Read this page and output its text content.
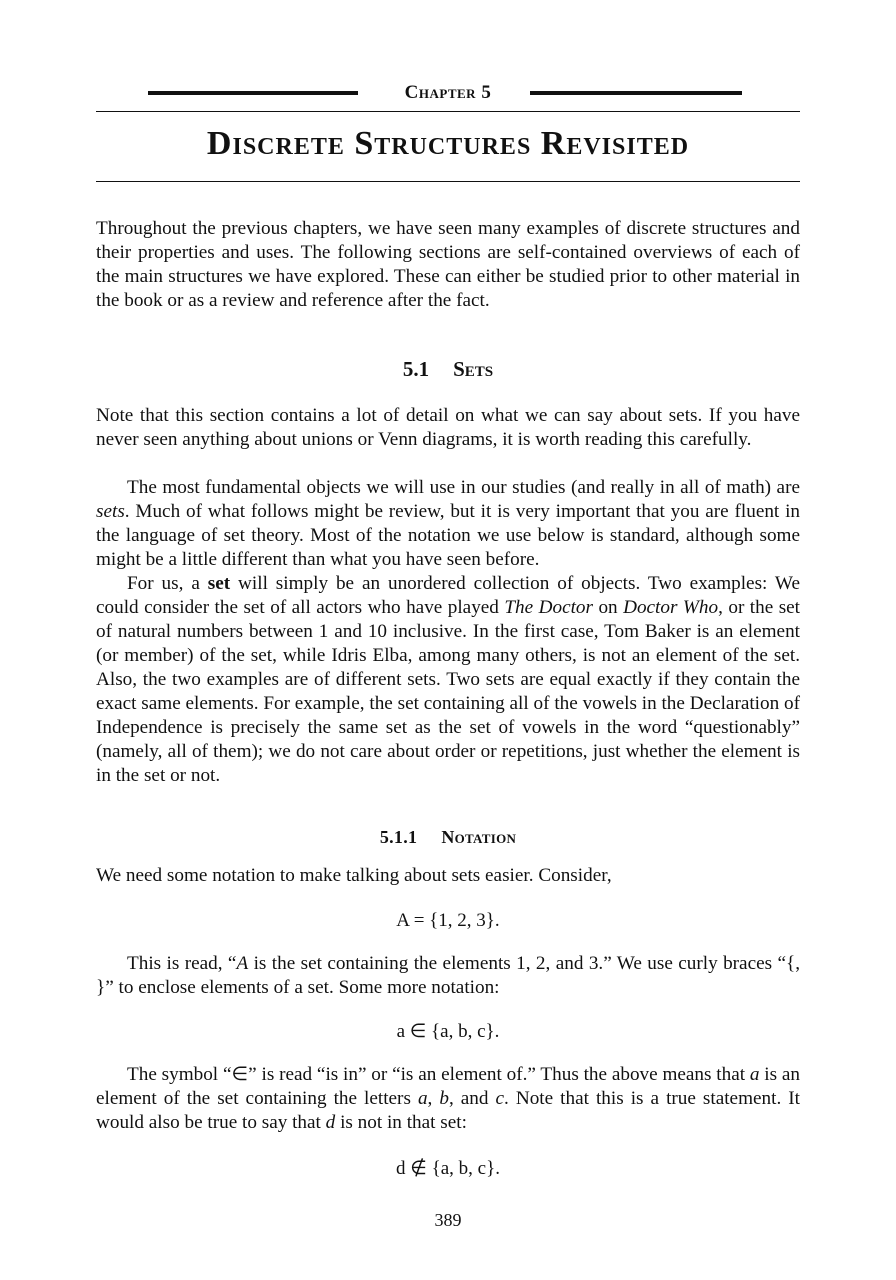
Chapter 5
Discrete Structures Revisited

Throughout the previous chapters, we have seen many examples of discrete structures and their properties and uses. The following sections are self-contained overviews of each of the main structures we have explored. These can either be studied prior to other material in the book or as a review and reference after the fact.

5.1 Sets

Note that this section contains a lot of detail on what we can say about sets. If you have never seen anything about unions or Venn diagrams, it is worth reading this carefully.

The most fundamental objects we will use in our studies (and really in all of math) are sets. Much of what follows might be review, but it is very important that you are fluent in the language of set theory. Most of the notation we use below is standard, although some might be a little different than what you have seen before.

For us, a set will simply be an unordered collection of objects. Two examples: We could consider the set of all actors who have played The Doctor on Doctor Who, or the set of natural numbers between 1 and 10 inclusive. In the first case, Tom Baker is an element (or member) of the set, while Idris Elba, among many others, is not an element of the set. Also, the two examples are of different sets. Two sets are equal exactly if they contain the exact same elements. For example, the set containing all of the vowels in the Declaration of Independence is precisely the same set as the set of vowels in the word “questionably” (namely, all of them); we do not care about order or repetitions, just whether the element is in the set or not.

5.1.1 Notation

We need some notation to make talking about sets easier. Consider,

A = {1, 2, 3}.

This is read, “A is the set containing the elements 1, 2, and 3.” We use curly braces “{, }” to enclose elements of a set. Some more notation:

a ∈ {a, b, c}.

The symbol “∈” is read “is in” or “is an element of.” Thus the above means that a is an element of the set containing the letters a, b, and c. Note that this is a true statement. It would also be true to say that d is not in that set:

d ∉ {a, b, c}.
389
